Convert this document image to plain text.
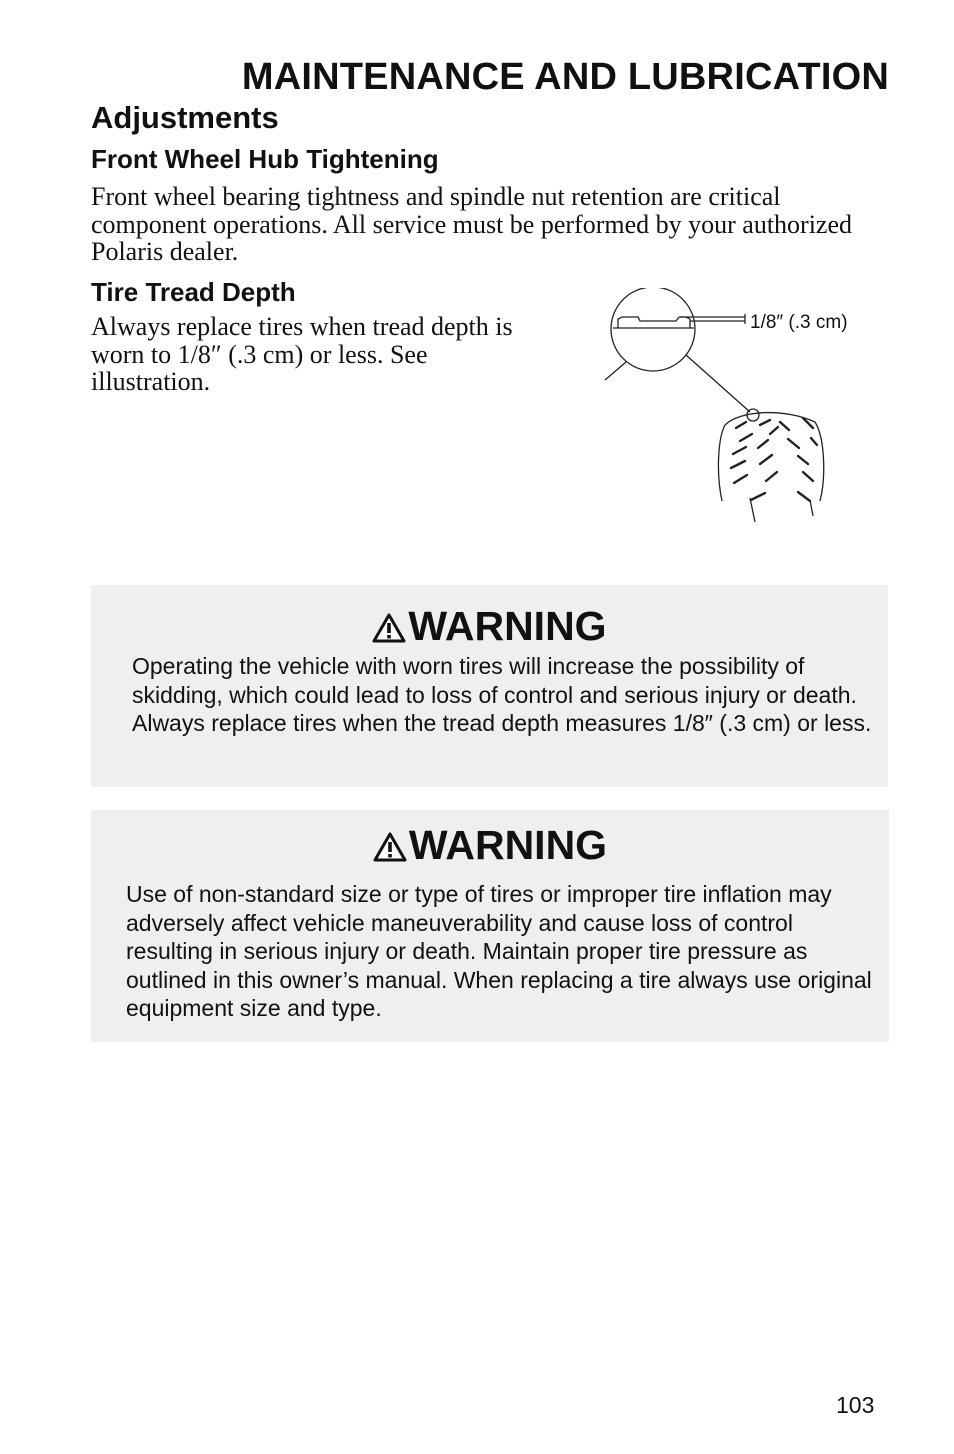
MAINTENANCE AND LUBRICATION
Adjustments
Front Wheel Hub Tightening

Front wheel bearing tightness and spindle nut retention are critical component operations. All service must be performed by your authorized Polaris dealer.

Tire Tread Depth

Always replace tires when tread depth is worn to 1/8″ (.3 cm) or less. See illustration.

1/8″ (.3 cm)
WARNING

Operating the vehicle with worn tires will increase the possibility of skidding, which could lead to loss of control and serious injury or death. Always replace tires when the tread depth measures 1/8″ (.3 cm) or less.

WARNING

Use of non-standard size or type of tires or improper tire inflation may adversely affect vehicle maneuverability and cause loss of control resulting in serious injury or death. Maintain proper tire pressure as outlined in this owner’s manual. When replacing a tire always use original equipment size and type.

103
